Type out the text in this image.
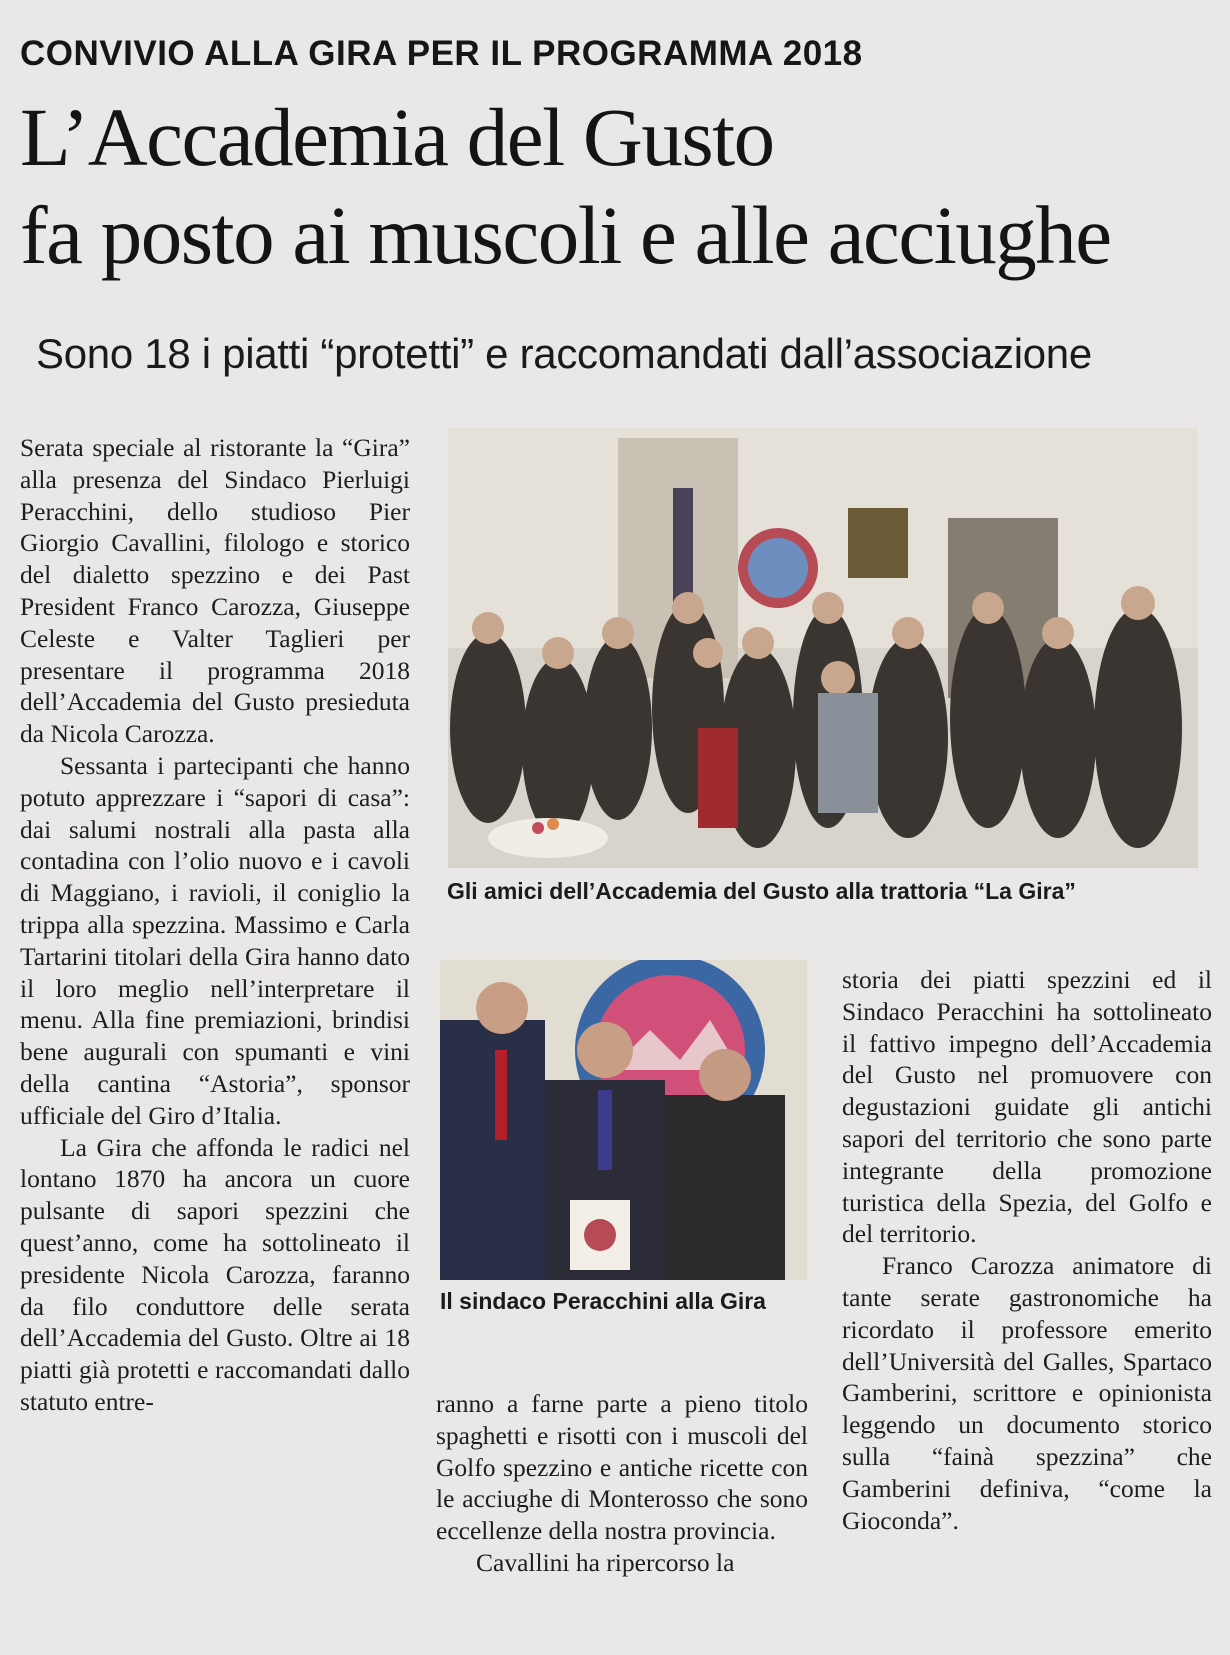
CONVIVIO ALLA GIRA PER IL PROGRAMMA 2018
L’Accademia del Gusto
fa posto ai muscoli e alle acciughe
Sono 18 i piatti “protetti” e raccomandati dall’associazione

Serata speciale al ristorante la “Gira” alla presenza del Sindaco Pierluigi Peracchini, dello studioso Pier Giorgio Cavallini, filologo e storico del dialetto spezzino e dei Past President Franco Carozza, Giuseppe Celeste e Valter Taglieri per presentare il programma 2018 dell’Accademia del Gusto presieduta da Nicola Carozza.

Sessanta i partecipanti che hanno potuto apprezzare i “sapori di casa”: dai salumi nostrali alla pasta alla contadina con l’olio nuovo e i cavoli di Maggiano, i ravioli, il coniglio la trippa alla spezzina. Massimo e Carla Tartarini titolari della Gira hanno dato il loro meglio nell’interpretare il menu. Alla fine premiazioni, brindisi bene augurali con spumanti e vini della cantina “Astoria”, sponsor ufficiale del Giro d’Italia.

La Gira che affonda le radici nel lontano 1870 ha ancora un cuore pulsante di sapori spezzini che quest’anno, come ha sottolineato il presidente Nicola Carozza, faranno da filo conduttore delle serata dell’Accademia del Gusto. Oltre ai 18 piatti già protetti e raccomandati dallo statuto entre-

Gli amici dell’Accademia del Gusto alla trattoria “La Gira”
Il sindaco Peracchini alla Gira

ranno a farne parte a pieno titolo spaghetti e risotti con i muscoli del Golfo spezzino e antiche ricette con le acciughe di Monterosso che sono eccellenze della nostra provincia.

Cavallini ha ripercorso la

storia dei piatti spezzini ed il Sindaco Peracchini ha sottolineato il fattivo impegno dell’Accademia del Gusto nel promuovere con degustazioni guidate gli antichi sapori del territorio che sono parte integrante della promozione turistica della Spezia, del Golfo e del territorio.

Franco Carozza animatore di tante serate gastronomiche ha ricordato il professore emerito dell’Università del Galles, Spartaco Gamberini, scrittore e opinionista leggendo un documento storico sulla “fainà spezzina” che Gamberini definiva, “come la Gioconda”.
